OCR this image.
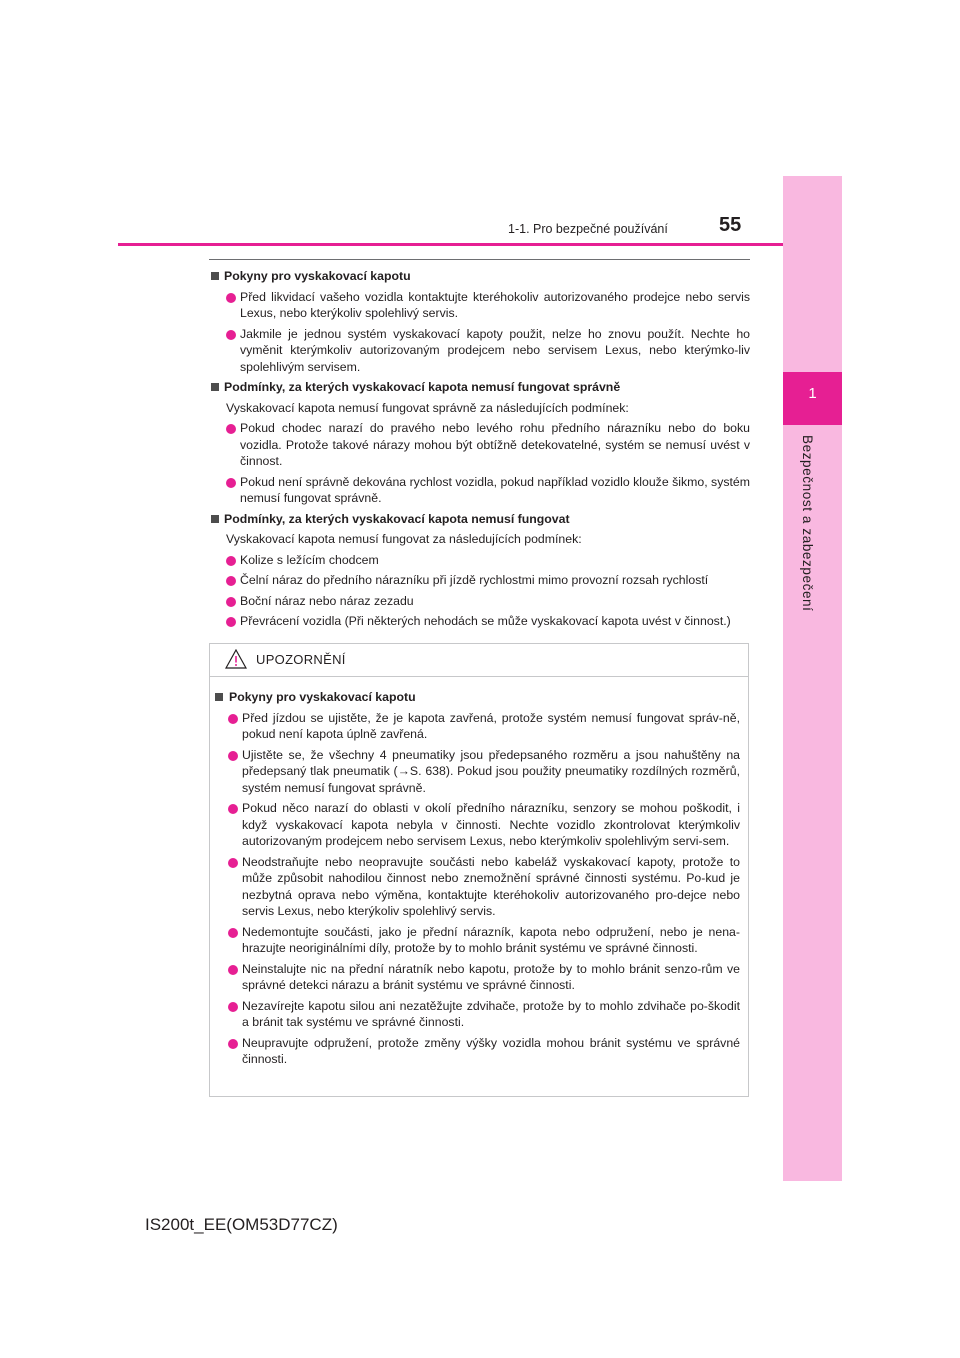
1
Bezpečnost a zabezpečení
1-1. Pro bezpečné používání	55
Pokyny pro vyskakovací kapotu
Před likvidací vašeho vozidla kontaktujte kteréhokoliv autorizovaného prodejce nebo servis Lexus, nebo kterýkoliv spolehlivý servis.
Jakmile je jednou systém vyskakovací kapoty použit, nelze ho znovu použít. Nechte ho vyměnit kterýmkoliv autorizovaným prodejcem nebo servisem Lexus, nebo kterýmko-liv spolehlivým servisem.
Podmínky, za kterých vyskakovací kapota nemusí fungovat správně
Vyskakovací kapota nemusí fungovat správně za následujících podmínek:
Pokud chodec narazí do pravého nebo levého rohu předního nárazníku nebo do boku vozidla. Protože takové nárazy mohou být obtížně detekovatelné, systém se nemusí uvést v činnost.
Pokud není správně dekována rychlost vozidla, pokud například vozidlo klouže šikmo, systém nemusí fungovat správně.
Podmínky, za kterých vyskakovací kapota nemusí fungovat
Vyskakovací kapota nemusí fungovat za následujících podmínek:
Kolize s ležícím chodcem
Čelní náraz do předního nárazníku při jízdě rychlostmi mimo provozní rozsah rychlostí
Boční náraz nebo náraz zezadu
Převrácení vozidla (Při některých nehodách se může vyskakovací kapota uvést v činnost.)
UPOZORNĚNÍ
Pokyny pro vyskakovací kapotu
Před jízdou se ujistěte, že je kapota zavřená, protože systém nemusí fungovat správ-ně, pokud není kapota úplně zavřená.
Ujistěte se, že všechny 4 pneumatiky jsou předepsaného rozměru a jsou nahuštěny na předepsaný tlak pneumatik (→S. 638). Pokud jsou použity pneumatiky rozdílných rozměrů, systém nemusí fungovat správně.
Pokud něco narazí do oblasti v okolí předního nárazníku, senzory se mohou poškodit, i když vyskakovací kapota nebyla v činnosti. Nechte vozidlo zkontrolovat kterýmkoliv autorizovaným prodejcem nebo servisem Lexus, nebo kterýmkoliv spolehlivým servi-sem.
Neodstraňujte nebo neopravujte součásti nebo kabeláž vyskakovací kapoty, protože to může způsobit nahodilou činnost nebo znemožnění správné činnosti systému. Po-kud je nezbytná oprava nebo výměna, kontaktujte kteréhokoliv autorizovaného pro-dejce nebo servis Lexus, nebo kterýkoliv spolehlivý servis.
Nedemontujte součásti, jako je přední nárazník, kapota nebo odpružení, nebo je nena-hrazujte neoriginálními díly, protože by to mohlo bránit systému ve správné činnosti.
Neinstalujte nic na přední náratník nebo kapotu, protože by to mohlo bránit senzo-rům ve správné detekci nárazu a bránit systému ve správné činnosti.
Nezavírejte kapotu silou ani nezatěžujte zdvihače, protože by to mohlo zdvihače po-škodit a bránit tak systému ve správné činnosti.
Neupravujte odpružení, protože změny výšky vozidla mohou bránit systému ve správné činnosti.
IS200t_EE(OM53D77CZ)
